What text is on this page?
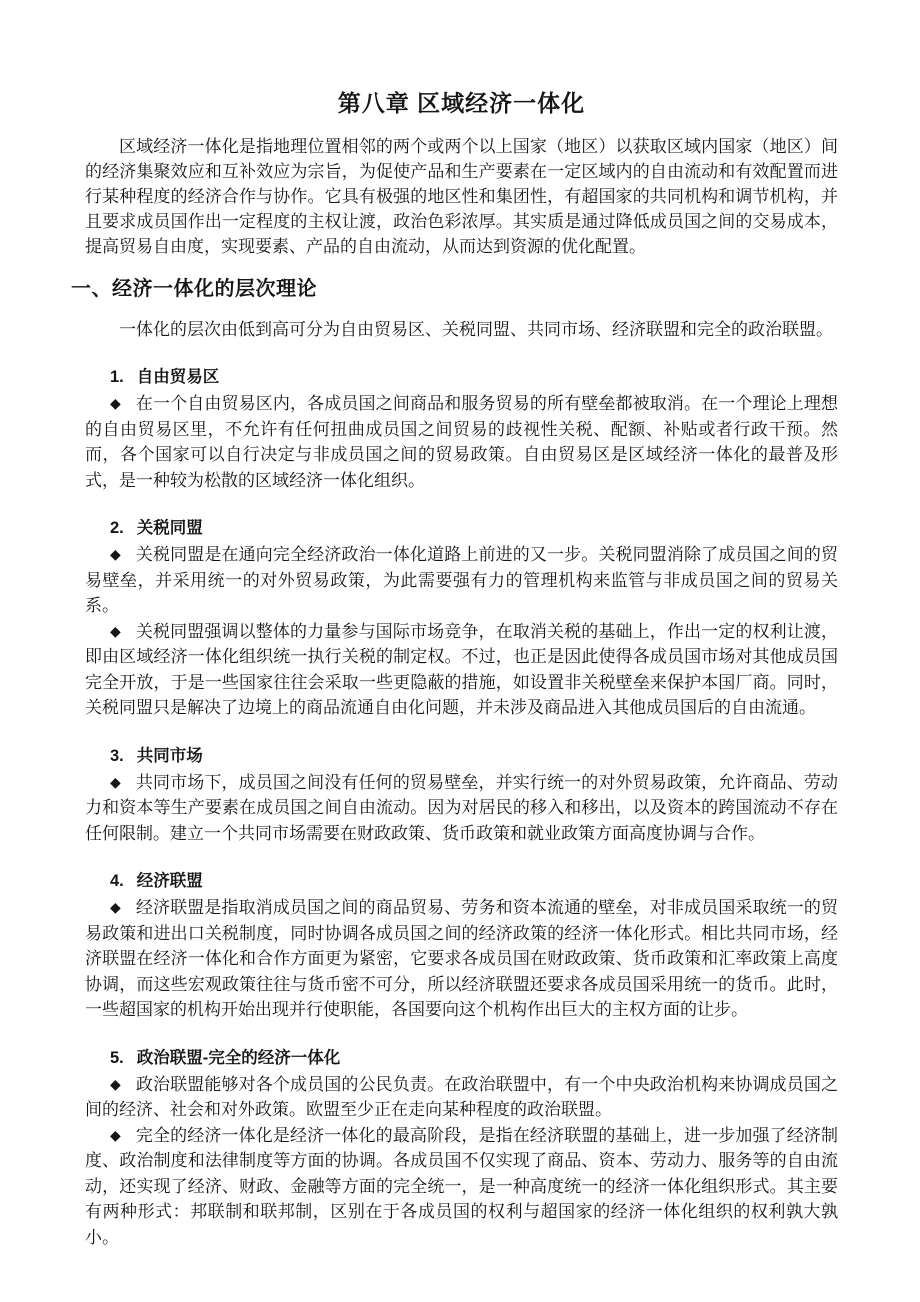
第八章 区域经济一体化

区域经济一体化是指地理位置相邻的两个或两个以上国家（地区）以获取区域内国家（地区）间的经济集聚效应和互补效应为宗旨，为促使产品和生产要素在一定区域内的自由流动和有效配置而进行某种程度的经济合作与协作。它具有极强的地区性和集团性，有超国家的共同机构和调节机构，并且要求成员国作出一定程度的主权让渡，政治色彩浓厚。其实质是通过降低成员国之间的交易成本，提高贸易自由度，实现要素、产品的自由流动，从而达到资源的优化配置。

一、经济一体化的层次理论

一体化的层次由低到高可分为自由贸易区、关税同盟、共同市场、经济联盟和完全的政治联盟。

1. 自由贸易区

◆ 在一个自由贸易区内，各成员国之间商品和服务贸易的所有壁垒都被取消。在一个理论上理想的自由贸易区里，不允许有任何扭曲成员国之间贸易的歧视性关税、配额、补贴或者行政干预。然而，各个国家可以自行决定与非成员国之间的贸易政策。自由贸易区是区域经济一体化的最普及形式，是一种较为松散的区域经济一体化组织。

2. 关税同盟

◆ 关税同盟是在通向完全经济政治一体化道路上前进的又一步。关税同盟消除了成员国之间的贸易壁垒，并采用统一的对外贸易政策，为此需要强有力的管理机构来监管与非成员国之间的贸易关系。

◆ 关税同盟强调以整体的力量参与国际市场竞争，在取消关税的基础上，作出一定的权利让渡，即由区域经济一体化组织统一执行关税的制定权。不过，也正是因此使得各成员国市场对其他成员国完全开放，于是一些国家往往会采取一些更隐蔽的措施，如设置非关税壁垒来保护本国厂商。同时，关税同盟只是解决了边境上的商品流通自由化问题，并未涉及商品进入其他成员国后的自由流通。

3. 共同市场

◆ 共同市场下，成员国之间没有任何的贸易壁垒，并实行统一的对外贸易政策，允许商品、劳动力和资本等生产要素在成员国之间自由流动。因为对居民的移入和移出，以及资本的跨国流动不存在任何限制。建立一个共同市场需要在财政政策、货币政策和就业政策方面高度协调与合作。

4. 经济联盟

◆ 经济联盟是指取消成员国之间的商品贸易、劳务和资本流通的壁垒，对非成员国采取统一的贸易政策和进出口关税制度，同时协调各成员国之间的经济政策的经济一体化形式。相比共同市场，经济联盟在经济一体化和合作方面更为紧密，它要求各成员国在财政政策、货币政策和汇率政策上高度协调，而这些宏观政策往往与货币密不可分，所以经济联盟还要求各成员国采用统一的货币。此时，一些超国家的机构开始出现并行使职能，各国要向这个机构作出巨大的主权方面的让步。

5. 政治联盟-完全的经济一体化

◆ 政治联盟能够对各个成员国的公民负责。在政治联盟中，有一个中央政治机构来协调成员国之间的经济、社会和对外政策。欧盟至少正在走向某种程度的政治联盟。

◆ 完全的经济一体化是经济一体化的最高阶段，是指在经济联盟的基础上，进一步加强了经济制度、政治制度和法律制度等方面的协调。各成员国不仅实现了商品、资本、劳动力、服务等的自由流动，还实现了经济、财政、金融等方面的完全统一，是一种高度统一的经济一体化组织形式。其主要有两种形式：邦联制和联邦制，区别在于各成员国的权利与超国家的经济一体化组织的权利孰大孰小。
